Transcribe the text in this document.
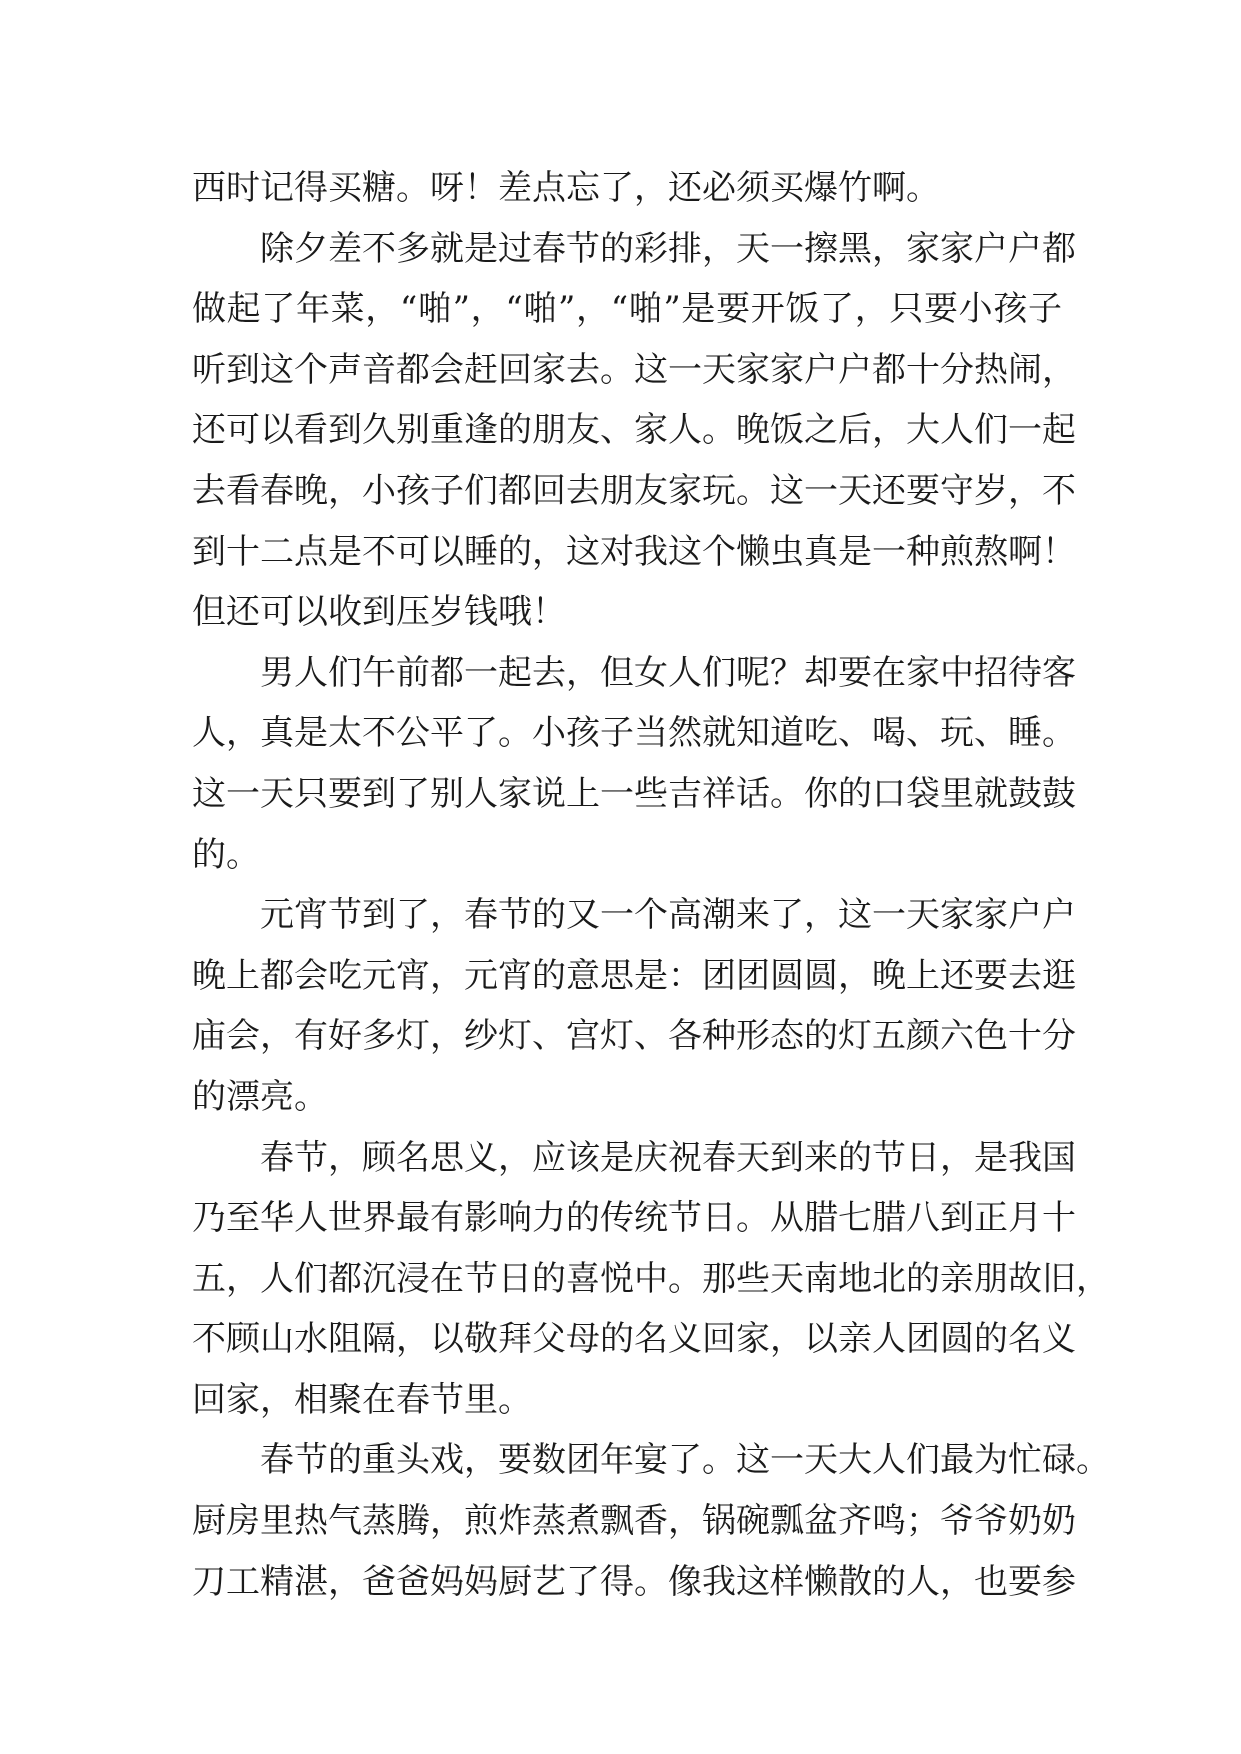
西时记得买糖。呀！差点忘了，还必须买爆竹啊。
除夕差不多就是过春节的彩排，天一擦黑，家家户户都
做起了年菜，“啪”，“啪”，“啪”是要开饭了，只要小孩子
听到这个声音都会赶回家去。这一天家家户户都十分热闹，
还可以看到久别重逢的朋友、家人。晚饭之后，大人们一起
去看春晚，小孩子们都回去朋友家玩。这一天还要守岁，不
到十二点是不可以睡的，这对我这个懒虫真是一种煎熬啊！
但还可以收到压岁钱哦！
男人们午前都一起去，但女人们呢？却要在家中招待客
人，真是太不公平了。小孩子当然就知道吃、喝、玩、睡。
这一天只要到了别人家说上一些吉祥话。你的口袋里就鼓鼓
的。
元宵节到了，春节的又一个高潮来了，这一天家家户户
晚上都会吃元宵，元宵的意思是：团团圆圆，晚上还要去逛
庙会，有好多灯，纱灯、宫灯、各种形态的灯五颜六色十分
的漂亮。
春节，顾名思义，应该是庆祝春天到来的节日，是我国
乃至华人世界最有影响力的传统节日。从腊七腊八到正月十
五，人们都沉浸在节日的喜悦中。那些天南地北的亲朋故旧，
不顾山水阻隔，以敬拜父母的名义回家，以亲人团圆的名义
回家，相聚在春节里。
春节的重头戏，要数团年宴了。这一天大人们最为忙碌。
厨房里热气蒸腾，煎炸蒸煮飘香，锅碗瓢盆齐鸣；爷爷奶奶
刀工精湛，爸爸妈妈厨艺了得。像我这样懒散的人，也要参
